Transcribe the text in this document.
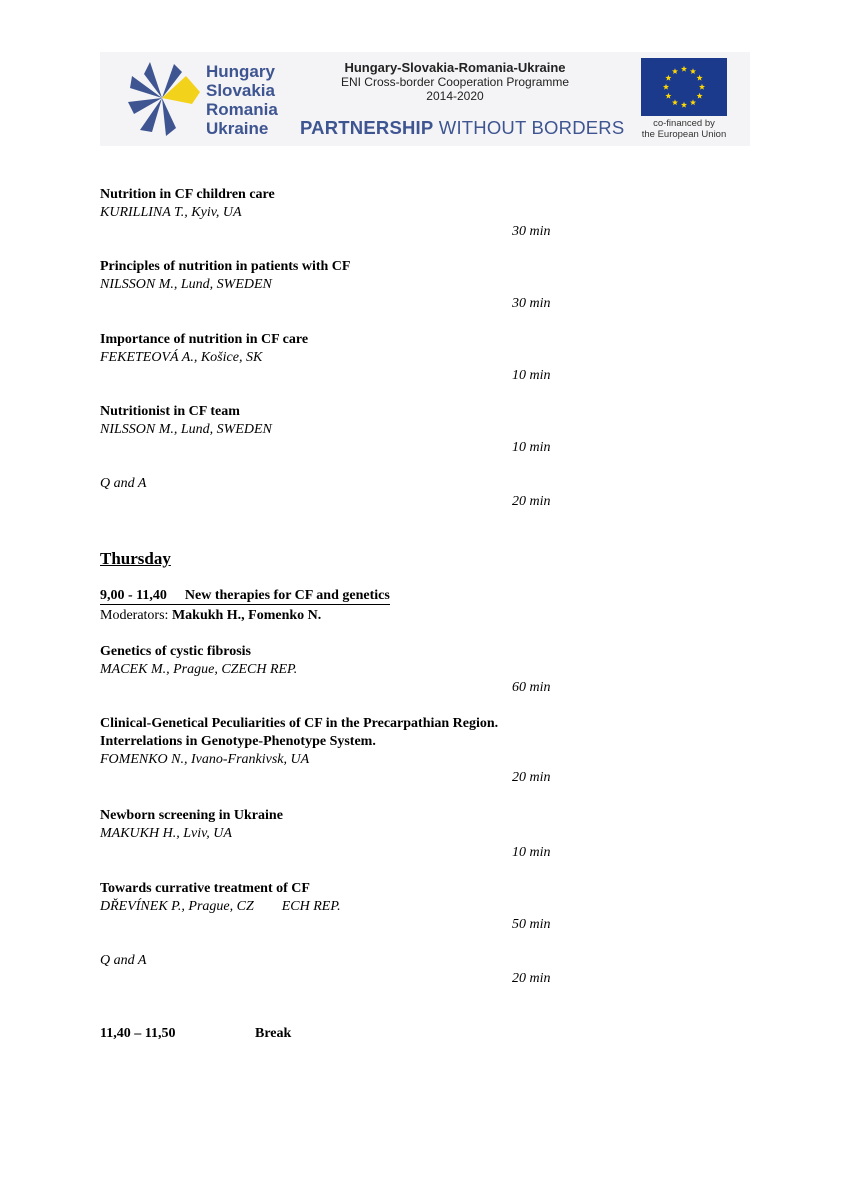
Hungary
Slovakia
Romania
Ukraine
Hungary-Slovakia-Romania-Ukraine
ENI Cross-border Cooperation Programme
2014-2020
PARTNERSHIP WITHOUT BORDERS	co-financed by
the European Union
Nutrition in CF children care
KURILLINA T., Kyiv, UA
30 min
Principles of nutrition in patients with CF
NILSSON M., Lund, SWEDEN
30 min
Importance of nutrition in CF care
FEKETEOVÁ A., Košice, SK
10 min
Nutritionist in CF team
NILSSON M., Lund, SWEDEN
10 min
Q and A
20 min
Thursday
9,00 - 11,40 New therapies for CF and genetics
Moderators: Makukh H., Fomenko N.
Genetics of cystic fibrosis
MACEK M., Prague, CZECH REP.
60 min
Clinical-Genetical Peculiarities of CF in the Precarpathian Region.
Interrelations in Genotype-Phenotype System.
FOMENKO N., Ivano-Frankivsk, UA
20 min
Newborn screening in Ukraine
MAKUKH H., Lviv, UA
10 min
Towards currative treatment of CF
DŘEVÍNEK P., Prague, CZ        ECH REP.
50 min
Q and A
20 min
11,40 – 11,50	Break
